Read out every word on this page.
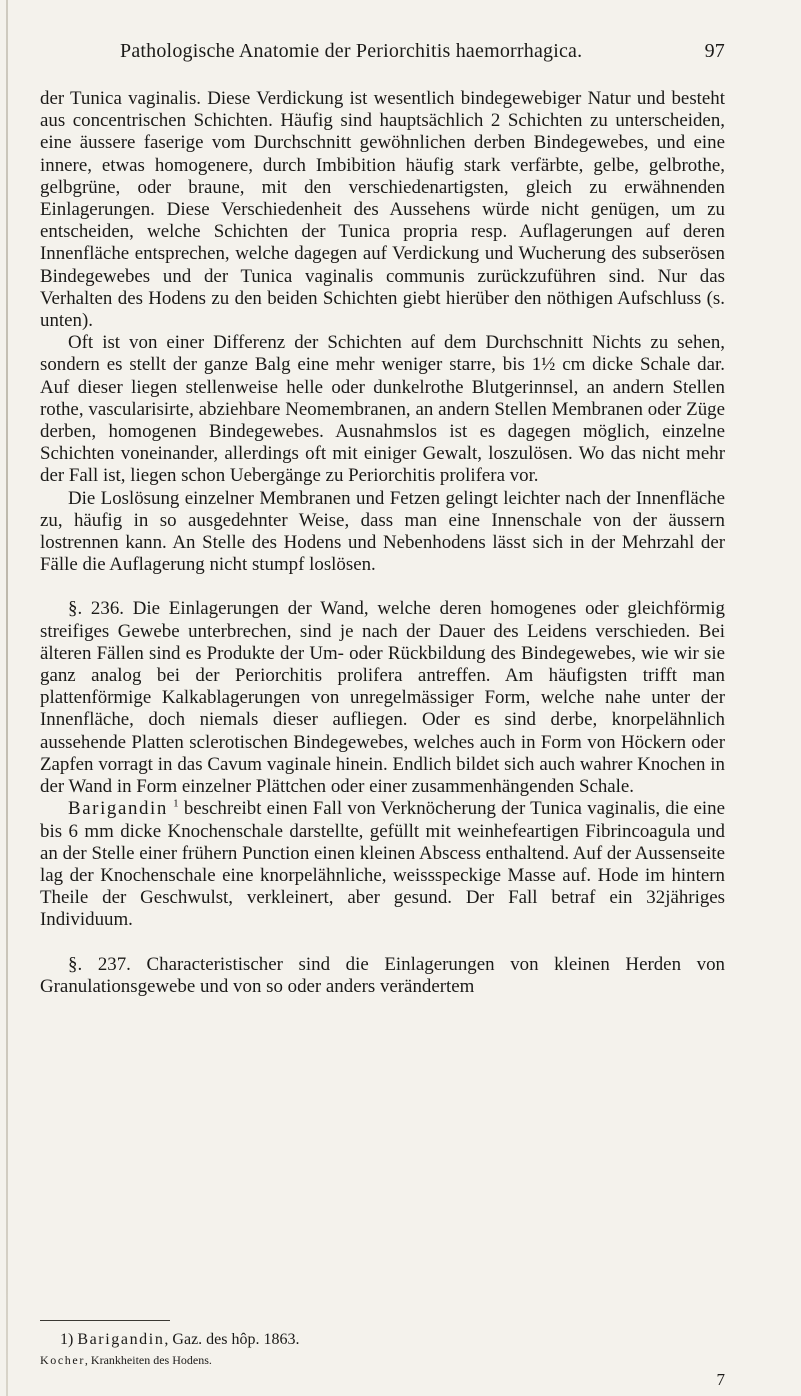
Pathologische Anatomie der Periorchitis haemorrhagica.	97

der Tunica vaginalis. Diese Verdickung ist wesentlich bindegewebiger Natur und besteht aus concentrischen Schichten. Häufig sind hauptsächlich 2 Schichten zu unterscheiden, eine äussere faserige vom Durchschnitt gewöhnlichen derben Bindegewebes, und eine innere, etwas homogenere, durch Imbibition häufig stark verfärbte, gelbe, gelbrothe, gelbgrüne, oder braune, mit den verschiedenartigsten, gleich zu erwähnenden Einlagerungen. Diese Verschiedenheit des Aussehens würde nicht genügen, um zu entscheiden, welche Schichten der Tunica propria resp. Auflagerungen auf deren Innenfläche entsprechen, welche dagegen auf Verdickung und Wucherung des subserösen Bindegewebes und der Tunica vaginalis communis zurückzuführen sind. Nur das Verhalten des Hodens zu den beiden Schichten giebt hierüber den nöthigen Aufschluss (s. unten).

Oft ist von einer Differenz der Schichten auf dem Durchschnitt Nichts zu sehen, sondern es stellt der ganze Balg eine mehr weniger starre, bis 1½ cm dicke Schale dar. Auf dieser liegen stellenweise helle oder dunkelrothe Blutgerinnsel, an andern Stellen rothe, vascularisirte, abziehbare Neomembranen, an andern Stellen Membranen oder Züge derben, homogenen Bindegewebes. Ausnahmslos ist es dagegen möglich, einzelne Schichten voneinander, allerdings oft mit einiger Gewalt, loszulösen. Wo das nicht mehr der Fall ist, liegen schon Uebergänge zu Periorchitis prolifera vor.

Die Loslösung einzelner Membranen und Fetzen gelingt leichter nach der Innenfläche zu, häufig in so ausgedehnter Weise, dass man eine Innenschale von der äussern lostrennen kann. An Stelle des Hodens und Nebenhodens lässt sich in der Mehrzahl der Fälle die Auflagerung nicht stumpf loslösen.

§. 236. Die Einlagerungen der Wand, welche deren homogenes oder gleichförmig streifiges Gewebe unterbrechen, sind je nach der Dauer des Leidens verschieden. Bei älteren Fällen sind es Produkte der Um- oder Rückbildung des Bindegewebes, wie wir sie ganz analog bei der Periorchitis prolifera antreffen. Am häufigsten trifft man plattenförmige Kalkablagerungen von unregelmässiger Form, welche nahe unter der Innenfläche, doch niemals dieser aufliegen. Oder es sind derbe, knorpelähnlich aussehende Platten sclerotischen Bindegewebes, welches auch in Form von Höckern oder Zapfen vorragt in das Cavum vaginale hinein. Endlich bildet sich auch wahrer Knochen in der Wand in Form einzelner Plättchen oder einer zusammenhängenden Schale.

Barigandin $^1$ beschreibt einen Fall von Verknöcherung der Tunica vaginalis, die eine bis 6 mm dicke Knochenschale darstellte, gefüllt mit weinhefeartigen Fibrincoagula und an der Stelle einer frühern Punction einen kleinen Abscess enthaltend. Auf der Aussenseite lag der Knochenschale eine knorpelähnliche, weissspeckige Masse auf. Hode im hintern Theile der Geschwulst, verkleinert, aber gesund. Der Fall betraf ein 32jähriges Individuum.

§. 237. Characteristischer sind die Einlagerungen von kleinen Herden von Granulationsgewebe und von so oder anders verändertem

1) Barigandin, Gaz. des hôp. 1863.
Kocher, Krankheiten des Hodens.
7
